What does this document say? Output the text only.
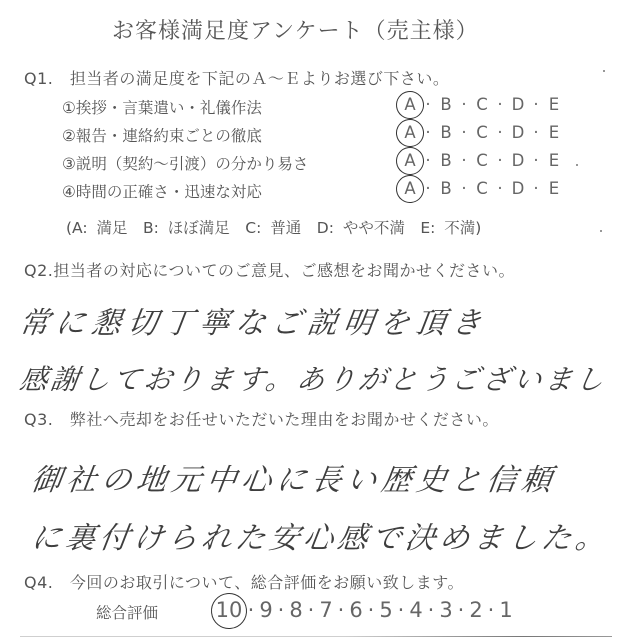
お客様満足度アンケート（売主様）
Q1.　担当者の満足度を下記のＡ～Ｅよりお選び下さい。
①挨拶・言葉遣い・礼儀作法	A · B · C · D · E
②報告・連絡約束ごとの徹底	A · B · C · D · E
③説明（契約～引渡）の分かり易さ	A · B · C · D · E
④時間の正確さ・迅速な対応	A · B · C · D · E
(A: 満足　B: ほぼ満足　C: 普通　D: やや不満　E: 不満)
Q2.担当者の対応についてのご意見、ご感想をお聞かせください。
常に懇切丁寧なご説明を頂き
感謝しております。ありがとうございまし
Q3.　弊社へ売却をお任せいただいた理由をお聞かせください。
御社の地元中心に長い歴史と信頼
に裏付けられた安心感で決めました。
Q4.　今回のお取引について、総合評価をお願い致します。
総合評価	10 · 9 · 8 · 7 · 6 · 5 · 4 · 3 · 2 · 1
